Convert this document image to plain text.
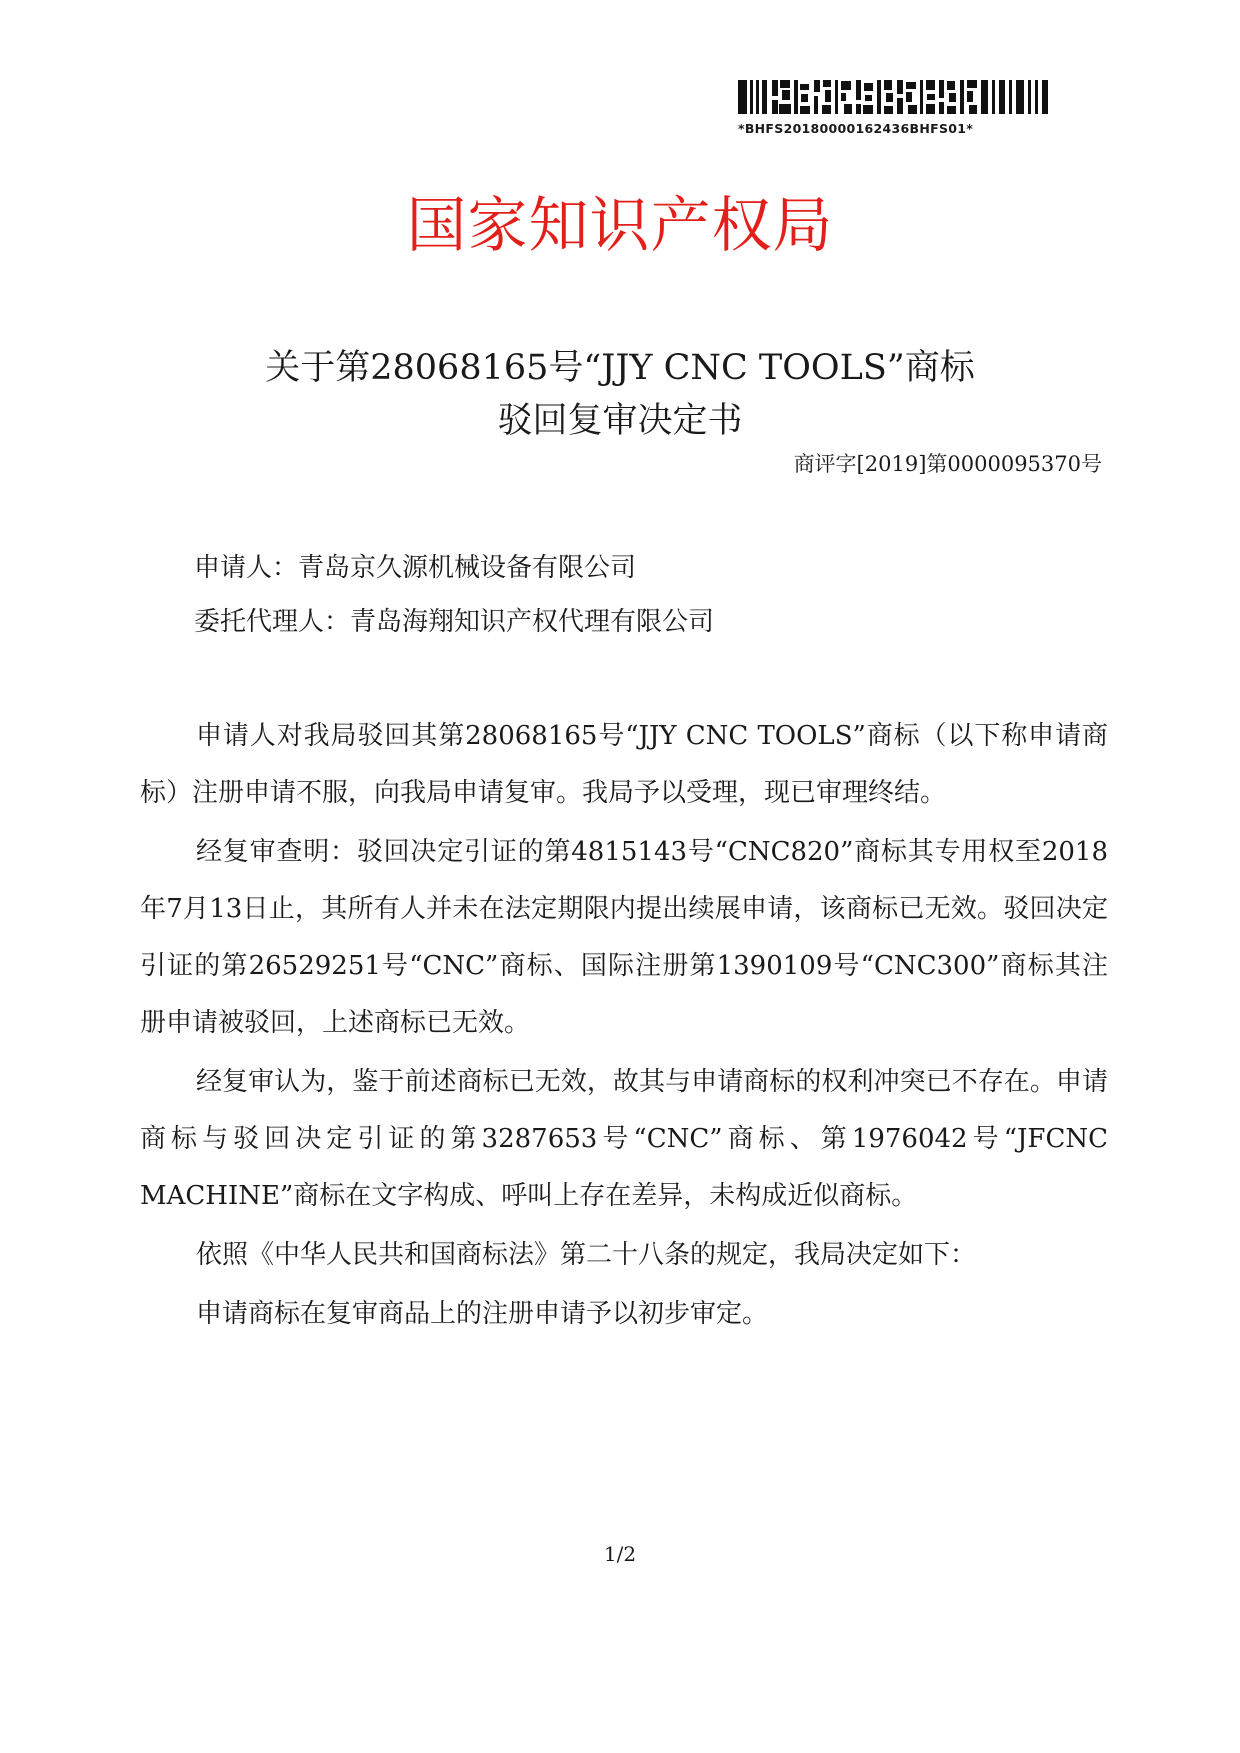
*BHFS20180000162436BHFS01*
国家知识产权局
关于第28068165号“JJY CNC TOOLS”商标
驳回复审决定书
商评字[2019]第0000095370号
申请人：青岛京久源机械设备有限公司
委托代理人：青岛海翔知识产权代理有限公司

申请人对我局驳回其第28068165号“JJY CNC TOOLS”商标（以下称申请商标）注册申请不服，向我局申请复审。我局予以受理，现已审理终结。

经复审查明：驳回决定引证的第4815143号“CNC820”商标其专用权至2018年7月13日止，其所有人并未在法定期限内提出续展申请，该商标已无效。驳回决定引证的第26529251号“CNC”商标、国际注册第1390109号“CNC300”商标其注册申请被驳回，上述商标已无效。

经复审认为，鉴于前述商标已无效，故其与申请商标的权利冲突已不存在。申请商标与驳回决定引证的第3287653号“CNC”商标、第1976042号“JFCNC MACHINE”商标在文字构成、呼叫上存在差异，未构成近似商标。

依照《中华人民共和国商标法》第二十八条的规定，我局决定如下：

申请商标在复审商品上的注册申请予以初步审定。

1/2
